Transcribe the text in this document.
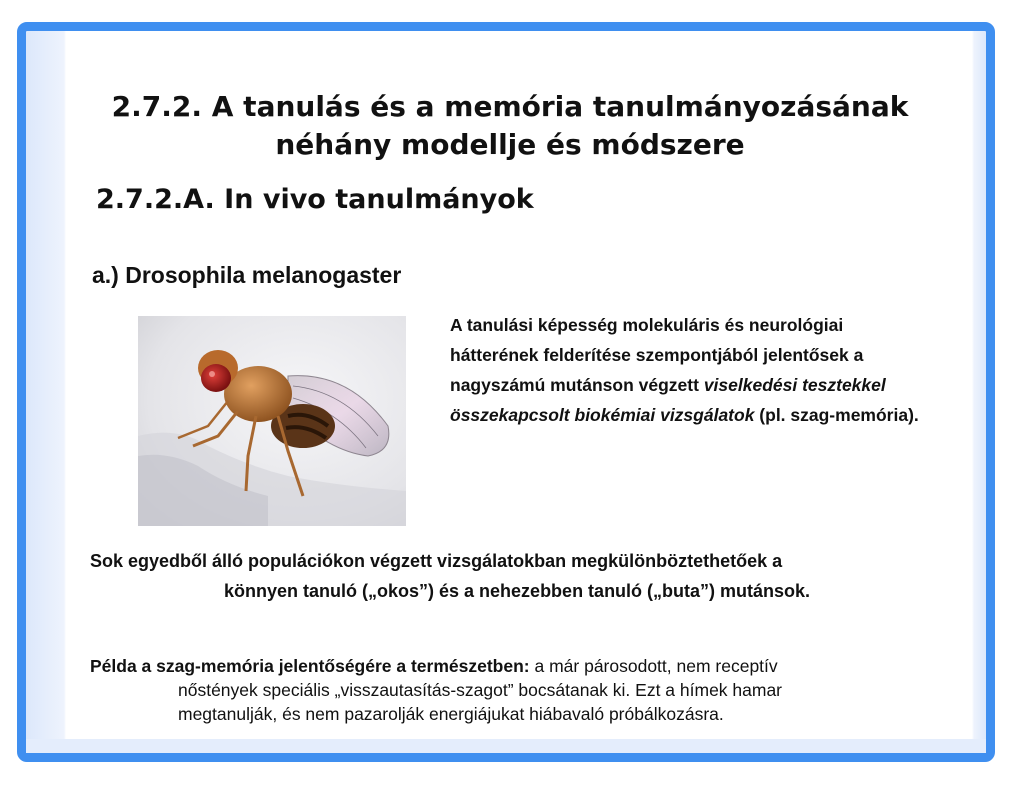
2.7.2. A tanulás és a memória tanulmányozásának
néhány modellje és módszere
2.7.2.A. In vivo tanulmányok
a.) Drosophila melanogaster
A tanulási képesség molekuláris és neurológiai hátterének felderítése szempontjából jelentősek a nagyszámú mutánson végzett viselkedési tesztekkel összekapcsolt biokémiai vizsgálatok (pl. szag-memória).
Sok egyedből álló populációkon végzett vizsgálatokban megkülönböztethetőek a
könnyen tanuló („okos”) és a nehezebben tanuló („buta”) mutánsok.
Példa a szag-memória jelentőségére a természetben: a már párosodott, nem receptív
nőstények speciális „visszautasítás-szagot” bocsátanak ki. Ezt a hímek hamar
megtanulják, és nem pazarolják energiájukat hiábavaló próbálkozásra.
